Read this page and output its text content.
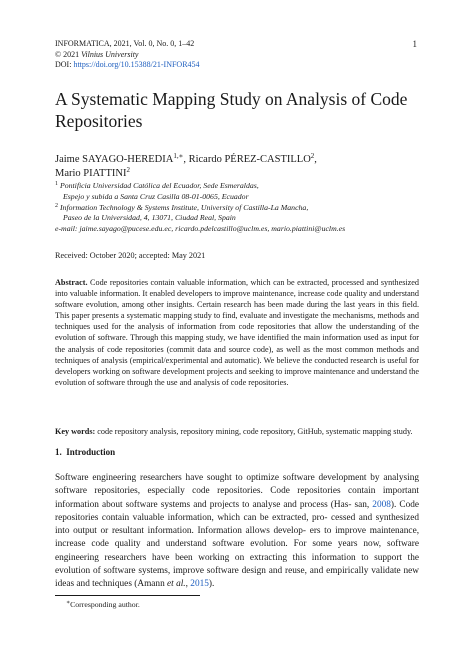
INFORMATICA, 2021, Vol. 0, No. 0, 1–42
© 2021 Vilnius University
DOI: https://doi.org/10.15388/21-INFOR454
1
A Systematic Mapping Study on Analysis of Code
Repositories
Jaime SAYAGO-$HEREDIA^{1,∗}$, Ricardo PÉREZ-CASTILLO$^2$,
Mario PIATTINI$^2$
$^1$ Pontificia Universidad Católica del Ecuador, Sede Esmeraldas,
Espejo y subida a Santa Cruz Casilla 08-01-0065, Ecuador
$^2$ Information Technology & Systems Institute, University of Castilla-La Mancha,
Paseo de la Universidad, 4, 13071, Ciudad Real, Spain
e-mail: jaime.sayago@pucese.edu.ec, ricardo.pdelcastillo@uclm.es, mario.piattini@uclm.es
Received: October 2020; accepted: May 2021
Abstract. Code repositories contain valuable information, which can be extracted, processed and synthesized into valuable information. It enabled developers to improve maintenance, increase code quality and understand software evolution, among other insights. Certain research has been made during the last years in this field. This paper presents a systematic mapping study to find, evaluate and investigate the mechanisms, methods and techniques used for the analysis of information from code repositories that allow the understanding of the evolution of software. Through this mapping study, we have identified the main information used as input for the analysis of code repositories (commit data and source code), as well as the most common methods and techniques of analysis (empirical/experimental and automatic). We believe the conducted research is useful for developers working on software development projects and seeking to improve maintenance and understand the evolution of software through the use and analysis of code repositories.
Key words: code repository analysis, repository mining, code repository, GitHub, systematic mapping study.
1. Introduction
Software engineering researchers have sought to optimize software development by analysing software repositories, especially code repositories. Code repositories contain important information about software systems and projects to analyse and process (Has- san, 2008). Code repositories contain valuable information, which can be extracted, pro- cessed and synthesized into output or resultant information. Information allows develop- ers to improve maintenance, increase code quality and understand software evolution. For some years now, software engineering researchers have been working on extracting this information to support the evolution of software systems, improve software design and reuse, and empirically validate new ideas and techniques (Amann et al., 2015).
∗Corresponding author.
